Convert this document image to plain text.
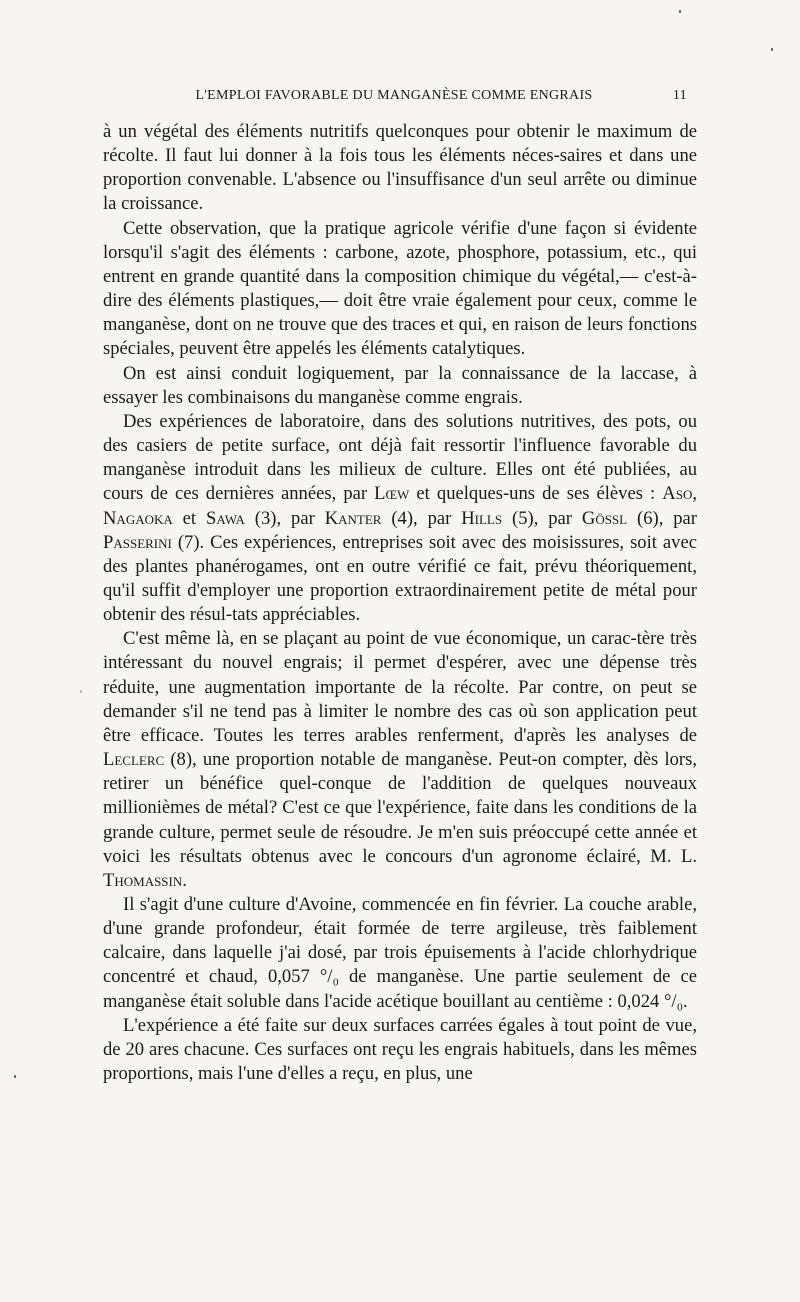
L'EMPLOI FAVORABLE DU MANGANÈSE COMME ENGRAIS	11

à un végétal des éléments nutritifs quelconques pour obtenir le maximum de récolte. Il faut lui donner à la fois tous les éléments néces-saires et dans une proportion convenable. L'absence ou l'insuffisance d'un seul arrête ou diminue la croissance.

Cette observation, que la pratique agricole vérifie d'une façon si évidente lorsqu'il s'agit des éléments : carbone, azote, phosphore, potassium, etc., qui entrent en grande quantité dans la composition chimique du végétal,— c'est-à-dire des éléments plastiques,— doit être vraie également pour ceux, comme le manganèse, dont on ne trouve que des traces et qui, en raison de leurs fonctions spéciales, peuvent être appelés les éléments catalytiques.

On est ainsi conduit logiquement, par la connaissance de la laccase, à essayer les combinaisons du manganèse comme engrais.

Des expériences de laboratoire, dans des solutions nutritives, des pots, ou des casiers de petite surface, ont déjà fait ressortir l'influence favorable du manganèse introduit dans les milieux de culture. Elles ont été publiées, au cours de ces dernières années, par Lœw et quelques-uns de ses élèves : Aso, Nagaoka et Sawa (3), par Kanter (4), par Hills (5), par Gössl (6), par Passerini (7). Ces expériences, entreprises soit avec des moisissures, soit avec des plantes phanérogames, ont en outre vérifié ce fait, prévu théoriquement, qu'il suffit d'employer une proportion extraordinairement petite de métal pour obtenir des résul-tats appréciables.

C'est même là, en se plaçant au point de vue économique, un carac-tère très intéressant du nouvel engrais; il permet d'espérer, avec une dépense très réduite, une augmentation importante de la récolte. Par contre, on peut se demander s'il ne tend pas à limiter le nombre des cas où son application peut être efficace. Toutes les terres arables renferment, d'après les analyses de Leclerc (8), une proportion notable de manganèse. Peut-on compter, dès lors, retirer un bénéfice quel-conque de l'addition de quelques nouveaux millionièmes de métal? C'est ce que l'expérience, faite dans les conditions de la grande culture, permet seule de résoudre. Je m'en suis préoccupé cette année et voici les résultats obtenus avec le concours d'un agronome éclairé, M. L. Thomassin.

Il s'agit d'une culture d'Avoine, commencée en fin février. La couche arable, d'une grande profondeur, était formée de terre argileuse, très faiblement calcaire, dans laquelle j'ai dosé, par trois épuisements à l'acide chlorhydrique concentré et chaud, 0,057 °/₀ de manganèse. Une partie seulement de ce manganèse était soluble dans l'acide acétique bouillant au centième : 0,024 °/₀.

L'expérience a été faite sur deux surfaces carrées égales à tout point de vue, de 20 ares chacune. Ces surfaces ont reçu les engrais habituels, dans les mêmes proportions, mais l'une d'elles a reçu, en plus, une
